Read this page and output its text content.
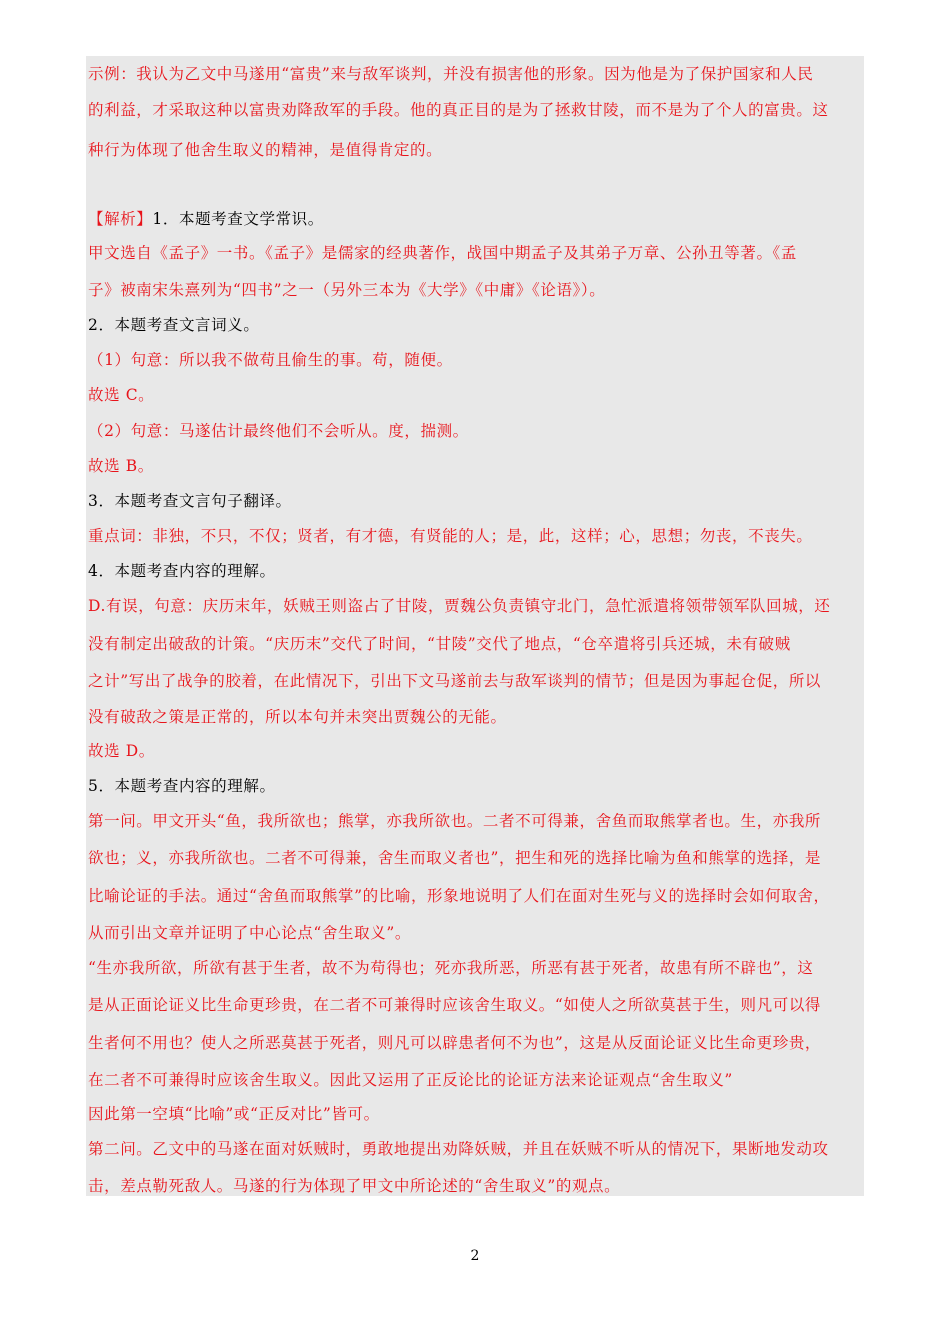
示例：我认为乙文中马遂用“富贵”来与敌军谈判，并没有损害他的形象。因为他是为了保护国家和人民
的利益，才采取这种以富贵劝降敌军的手段。他的真正目的是为了拯救甘陵，而不是为了个人的富贵。这
种行为体现了他舍生取义的精神，是值得肯定的。
【解析】1．本题考查文学常识。
甲文选自《孟子》一书。《孟子》是儒家的经典著作，战国中期孟子及其弟子万章、公孙丑等著。《孟
子》被南宋朱熹列为“四书”之一（另外三本为《大学》《中庸》《论语》）。
2．本题考查文言词义。
（1）句意：所以我不做苟且偷生的事。苟，随便。
故选 C。
（2）句意：马遂估计最终他们不会听从。度，揣测。
故选 B。
3．本题考查文言句子翻译。
重点词：非独，不只，不仅；贤者，有才德，有贤能的人；是，此，这样；心，思想；勿丧，不丧失。
4．本题考查内容的理解。
D.有误，句意：庆历末年，妖贼王则盗占了甘陵，贾魏公负责镇守北门，急忙派遣将领带领军队回城，还
没有制定出破敌的计策。“庆历末”交代了时间，“甘陵”交代了地点，“仓卒遣将引兵还城，未有破贼
之计”写出了战争的胶着，在此情况下，引出下文马遂前去与敌军谈判的情节；但是因为事起仓促，所以
没有破敌之策是正常的，所以本句并未突出贾魏公的无能。
故选 D。
5．本题考查内容的理解。
第一问。甲文开头“鱼，我所欲也；熊掌，亦我所欲也。二者不可得兼，舍鱼而取熊掌者也。生，亦我所
欲也；义，亦我所欲也。二者不可得兼，舍生而取义者也”，把生和死的选择比喻为鱼和熊掌的选择，是
比喻论证的手法。通过“舍鱼而取熊掌”的比喻，形象地说明了人们在面对生死与义的选择时会如何取舍，
从而引出文章并证明了中心论点“舍生取义”。
“生亦我所欲，所欲有甚于生者，故不为苟得也；死亦我所恶，所恶有甚于死者，故患有所不辟也”，这
是从正面论证义比生命更珍贵，在二者不可兼得时应该舍生取义。“如使人之所欲莫甚于生，则凡可以得
生者何不用也？使人之所恶莫甚于死者，则凡可以辟患者何不为也”，这是从反面论证义比生命更珍贵，
在二者不可兼得时应该舍生取义。因此又运用了正反论比的论证方法来论证观点“舍生取义”
因此第一空填“比喻”或“正反对比”皆可。
第二问。乙文中的马遂在面对妖贼时，勇敢地提出劝降妖贼，并且在妖贼不听从的情况下，果断地发动攻
击，差点勒死敌人。马遂的行为体现了甲文中所论述的“舍生取义”的观点。
2
